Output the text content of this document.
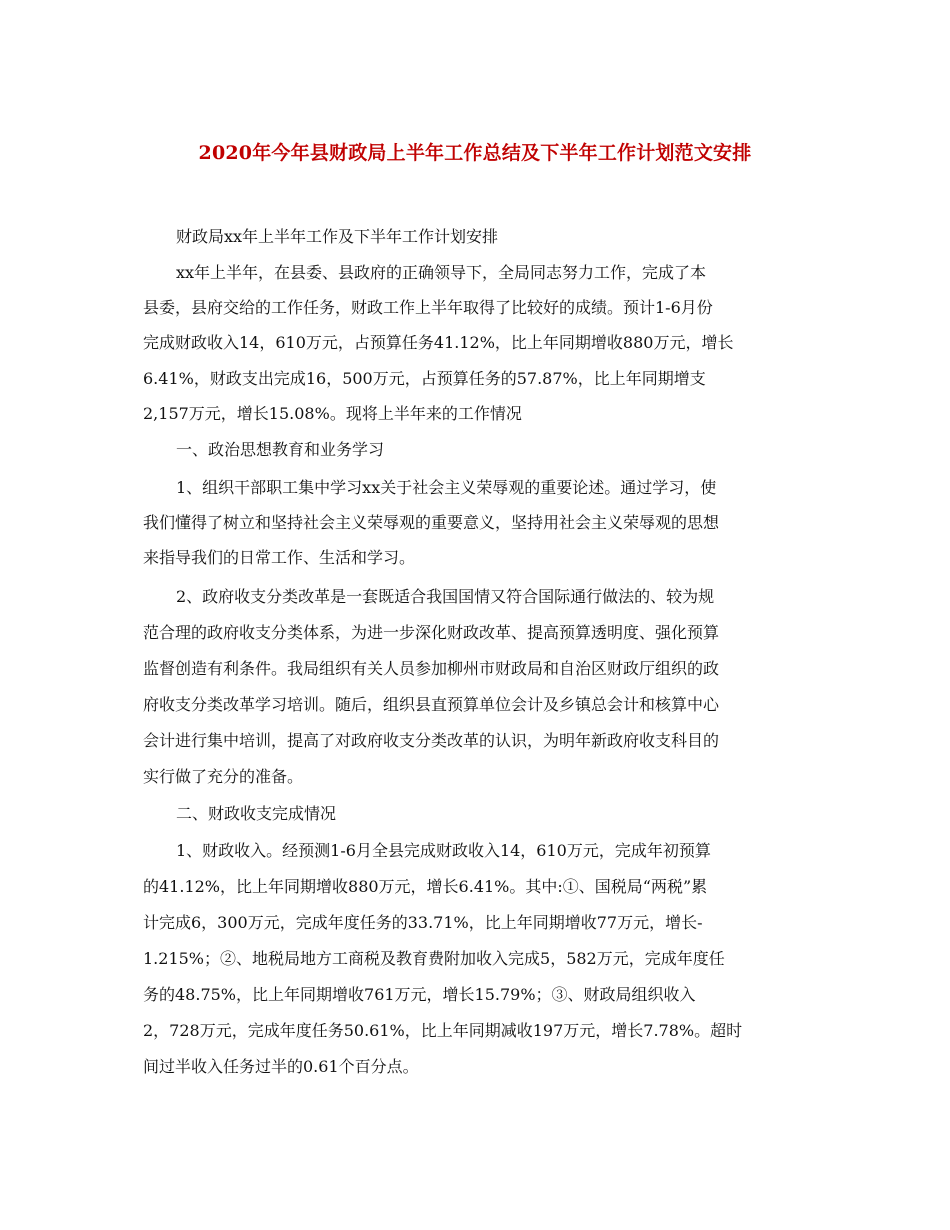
2020年今年县财政局上半年工作总结及下半年工作计划范文安排
财政局xx年上半年工作及下半年工作计划安排
xx年上半年，在县委、县政府的正确领导下，全局同志努力工作，完成了本
县委，县府交给的工作任务，财政工作上半年取得了比较好的成绩。预计1-6月份
完成财政收入14，610万元，占预算任务41.12%，比上年同期增收880万元，增长
6.41%，财政支出完成16，500万元，占预算任务的57.87%，比上年同期增支
2,157万元，增长15.08%。现将上半年来的工作情况
一、政治思想教育和业务学习
1、组织干部职工集中学习xx关于社会主义荣辱观的重要论述。通过学习，使
我们懂得了树立和坚持社会主义荣辱观的重要意义，坚持用社会主义荣辱观的思想
来指导我们的日常工作、生活和学习。
2、政府收支分类改革是一套既适合我国国情又符合国际通行做法的、较为规
范合理的政府收支分类体系，为进一步深化财政改革、提高预算透明度、强化预算
监督创造有利条件。我局组织有关人员参加柳州市财政局和自治区财政厅组织的政
府收支分类改革学习培训。随后，组织县直预算单位会计及乡镇总会计和核算中心
会计进行集中培训，提高了对政府收支分类改革的认识，为明年新政府收支科目的
实行做了充分的准备。
二、财政收支完成情况
1、财政收入。经预测1-6月全县完成财政收入14，610万元，完成年初预算
的41.12%，比上年同期增收880万元，增长6.41%。其中:①、国税局“两税”累
计完成6，300万元，完成年度任务的33.71%，比上年同期增收77万元，增长-
1.215%；②、地税局地方工商税及教育费附加收入完成5，582万元，完成年度任
务的48.75%，比上年同期增收761万元，增长15.79%；③、财政局组织收入
2，728万元，完成年度任务50.61%，比上年同期减收197万元，增长7.78%。超时
间过半收入任务过半的0.61个百分点。
